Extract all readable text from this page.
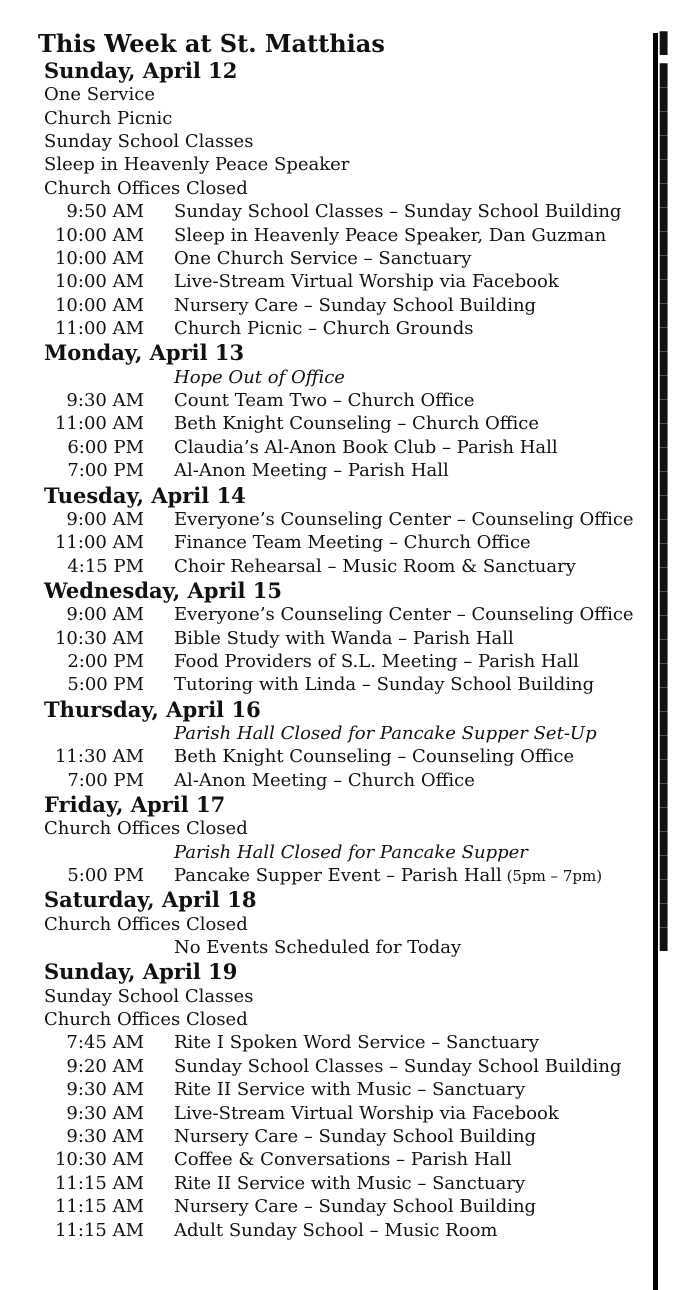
This Week at St. Matthias
Sunday, April 12
One Service
Church Picnic
Sunday School Classes
Sleep in Heavenly Peace Speaker
Church Offices Closed
9:50 AM Sunday School Classes – Sunday School Building
10:00 AM Sleep in Heavenly Peace Speaker, Dan Guzman
10:00 AM One Church Service – Sanctuary
10:00 AM Live-Stream Virtual Worship via Facebook
10:00 AM Nursery Care – Sunday School Building
11:00 AM Church Picnic – Church Grounds
Monday, April 13
Hope Out of Office
9:30 AM Count Team Two – Church Office
11:00 AM Beth Knight Counseling – Church Office
6:00 PM Claudia’s Al-Anon Book Club – Parish Hall
7:00 PM Al-Anon Meeting – Parish Hall
Tuesday, April 14
9:00 AM Everyone’s Counseling Center – Counseling Office
11:00 AM Finance Team Meeting – Church Office
4:15 PM Choir Rehearsal – Music Room & Sanctuary
Wednesday, April 15
9:00 AM Everyone’s Counseling Center – Counseling Office
10:30 AM Bible Study with Wanda – Parish Hall
2:00 PM Food Providers of S.L. Meeting – Parish Hall
5:00 PM Tutoring with Linda – Sunday School Building
Thursday, April 16
Parish Hall Closed for Pancake Supper Set-Up
11:30 AM Beth Knight Counseling – Counseling Office
7:00 PM Al-Anon Meeting – Church Office
Friday, April 17
Church Offices Closed
Parish Hall Closed for Pancake Supper
5:00 PM Pancake Supper Event – Parish Hall (5pm – 7pm)
Saturday, April 18
Church Offices Closed
No Events Scheduled for Today
Sunday, April 19
Sunday School Classes
Church Offices Closed
7:45 AM Rite I Spoken Word Service – Sanctuary
9:20 AM Sunday School Classes – Sunday School Building
9:30 AM Rite II Service with Music – Sanctuary
9:30 AM Live-Stream Virtual Worship via Facebook
9:30 AM Nursery Care – Sunday School Building
10:30 AM Coffee & Conversations – Parish Hall
11:15 AM Rite II Service with Music – Sanctuary
11:15 AM Nursery Care – Sunday School Building
11:15 AM Adult Sunday School – Music Room
▌
▌
▌
▌
▌
▌
▌
▌
▌
▌
▌
▌
▌
▌
▌
▌
▌
▌
▌
▌
▌
▌
▌
▌
▌
▌
▌
▌
▌
▌
▌
▌
▌
▌
▌
▌
▌
▌
